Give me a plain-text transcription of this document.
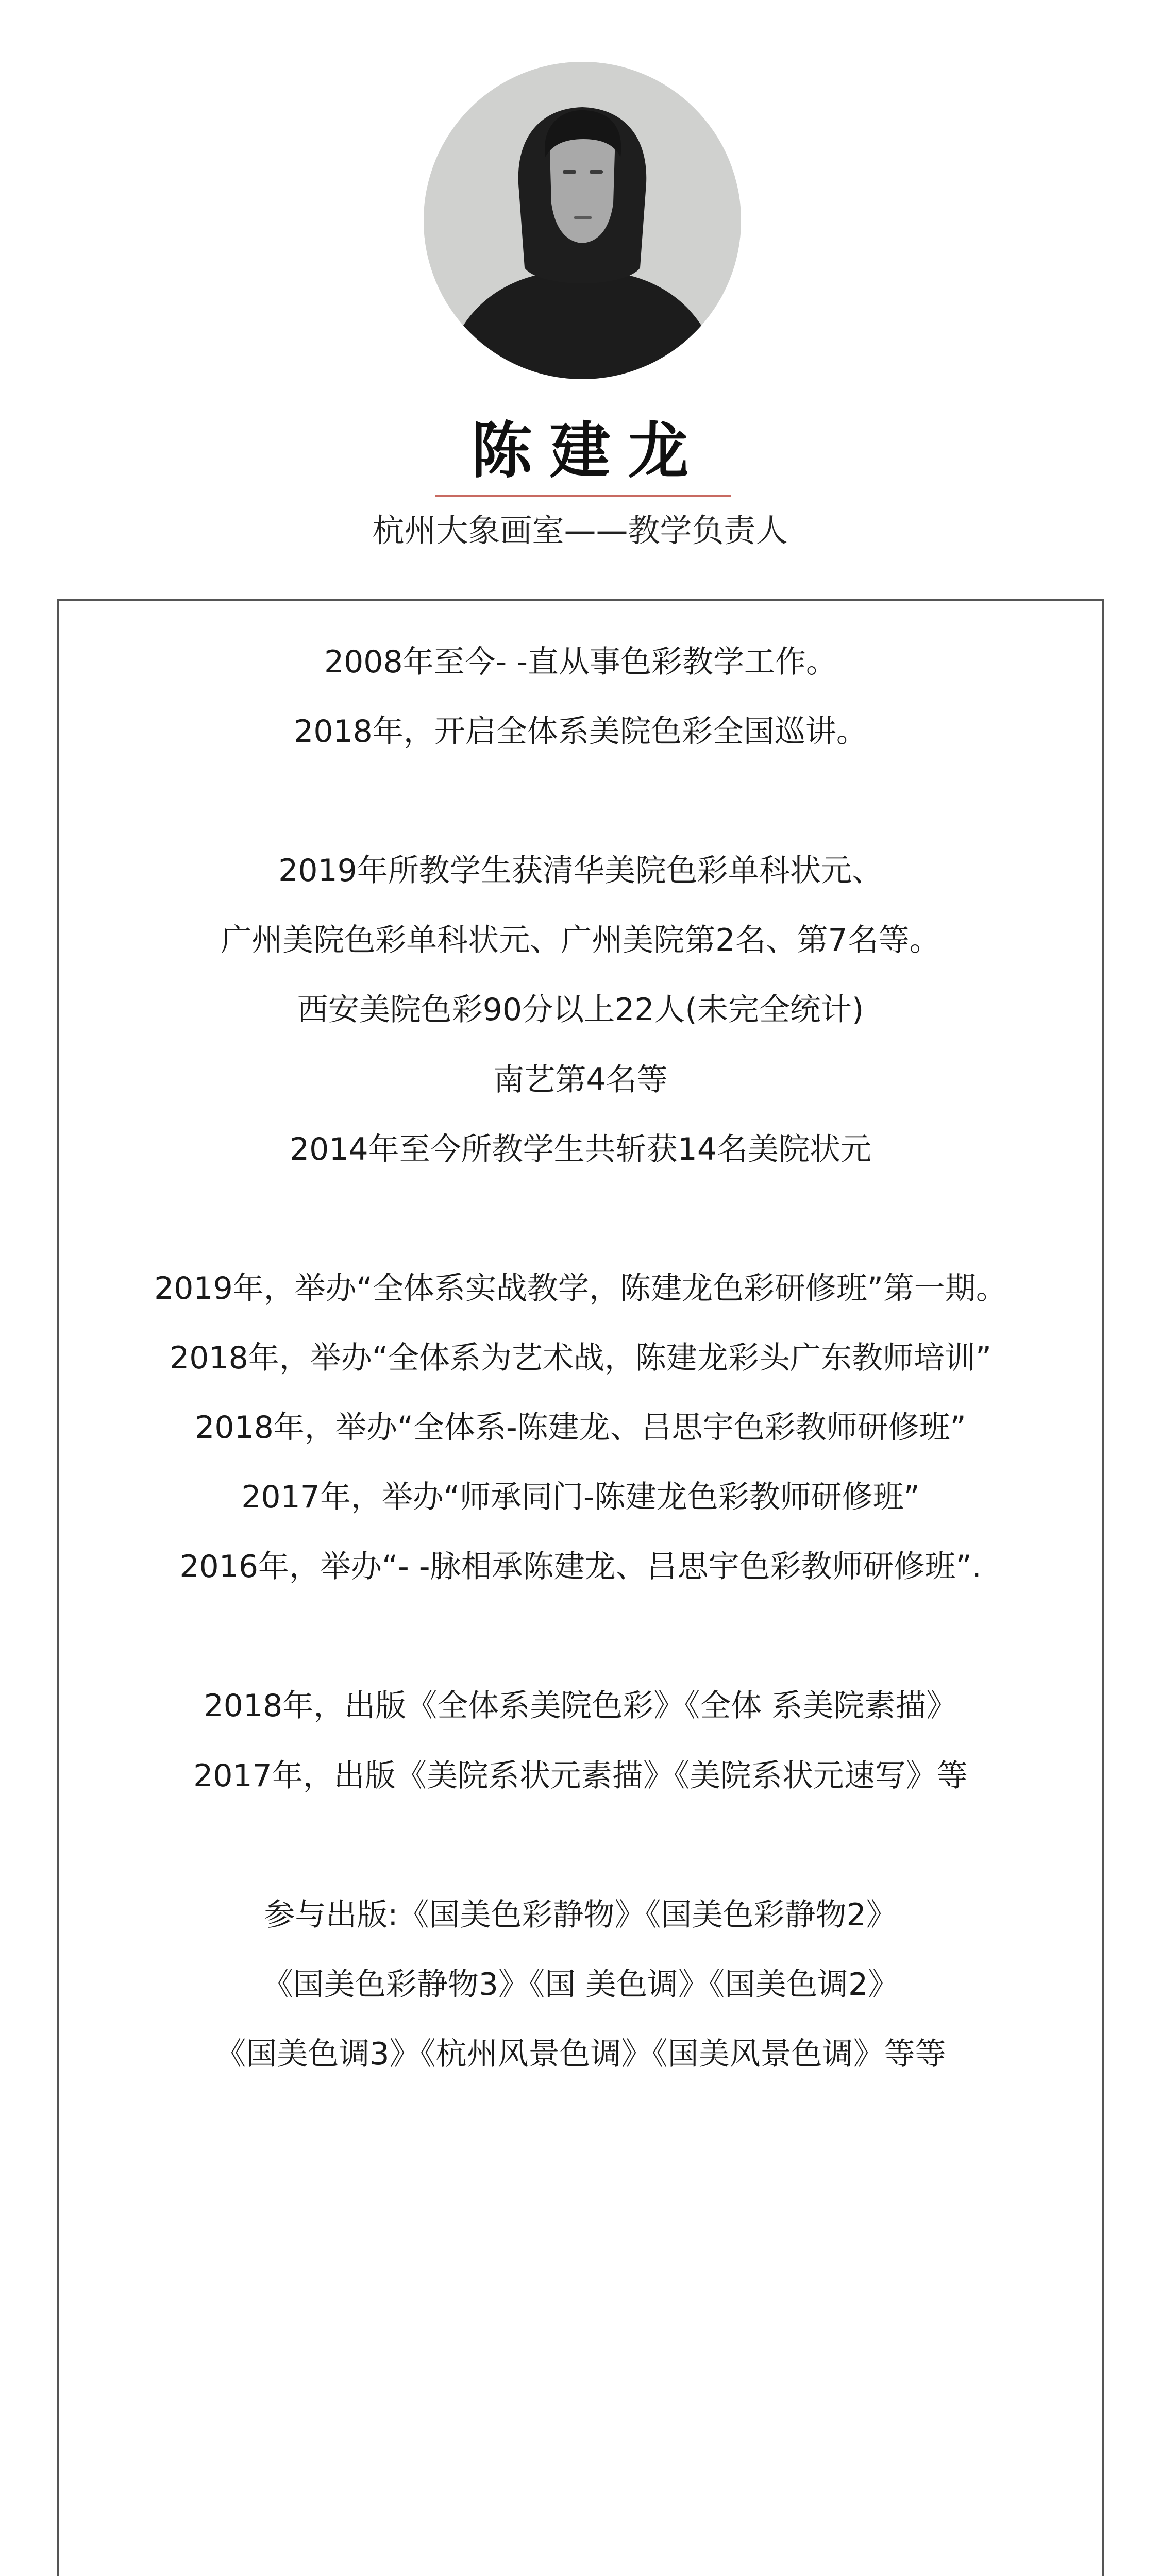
陈建龙
杭州大象画室——教学负责人
2008年至今- -直从事色彩教学工作。
2018年，开启全体系美院色彩全国巡讲。
2019年所教学生获清华美院色彩单科状元、
广州美院色彩单科状元、广州美院第2名、第7名等。
西安美院色彩90分以上22人(未完全统计)
南艺第4名等
2014年至今所教学生共斩获14名美院状元
2019年，举办“全体系实战教学，陈建龙色彩研修班”第一期。
2018年，举办“全体系为艺术战，陈建龙彩头广东教师培训”
2018年，举办“全体系-陈建龙、吕思宇色彩教师研修班”
2017年，举办“师承同门-陈建龙色彩教师研修班”
2016年，举办“- -脉相承陈建龙、吕思宇色彩教师研修班”.
2018年，出版《全体系美院色彩》《全体 系美院素描》
2017年，出版《美院系状元素描》《美院系状元速写》等
参与出版:《国美色彩静物》《国美色彩静物2》
《国美色彩静物3》《国 美色调》《国美色调2》
《国美色调3》《杭州风景色调》《国美风景色调》等等
